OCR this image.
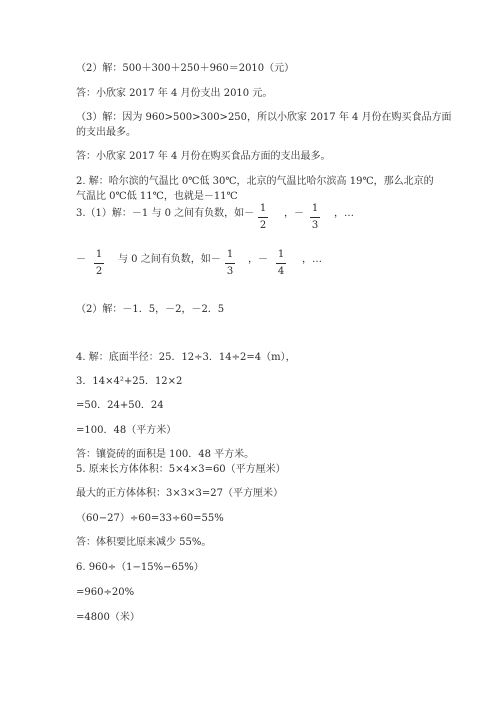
（2）解：500＋300＋250＋960＝2010（元）
答：小欣家 2017 年 4 月份支出 2010 元。
（3）解：因为 960>500>300>250，所以小欣家 2017 年 4 月份在购买食品方面
的支出最多。
答：小欣家 2017 年 4 月份在购买食品方面的支出最多。
2. 解：哈尔滨的气温比 0℃低 30℃，北京的气温比哈尔滨高 19℃，那么北京的
气温比 0℃低 11℃，也就是－11℃
3.（1）解：－1 与 0 之间有负数，如－ 1
2
，－ 1
3
，…
－ 1
2
与 0 之间有负数，如－ 1
3
，－ 1
4
，…
（2）解：－1．5，－2，－2．5
4. 解：底面半径：25．12÷3．14÷2=4（m），
3．14×4²+25．12×2
=50．24+50．24
=100．48（平方米）
答：镶瓷砖的面积是 100．48 平方米。
5. 原来长方体体积：5×4×3=60（平方厘米）
最大的正方体体积：3×3×3=27（平方厘米）
（60−27）÷60=33÷60=55%
答：体积要比原来减少 55%。
6. 960÷（1−15%−65%）
=960÷20%
=4800（米）
